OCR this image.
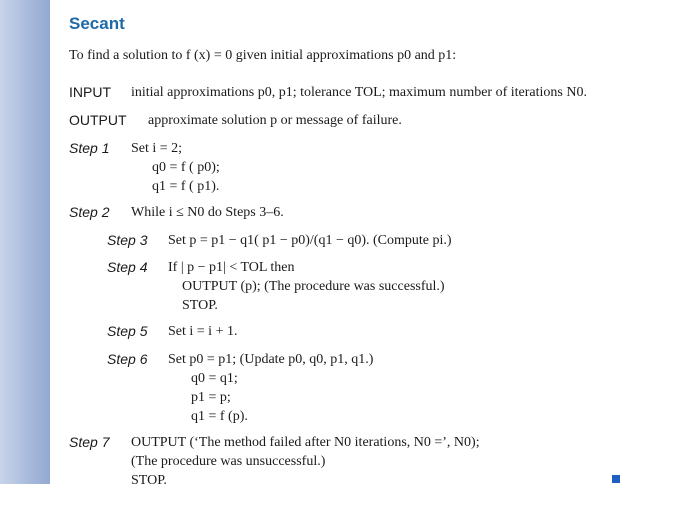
Secant
To find a solution to f (x) = 0 given initial approximations p0 and p1:
INPUT initial approximations p0, p1; tolerance TOL; maximum number of iterations N0.
OUTPUT approximate solution p or message of failure.
Step 1 Set i = 2;
q0 = f ( p0);
q1 = f ( p1).
Step 2 While i ≤ N0 do Steps 3–6.
Step 3 Set p = p1 − q1( p1 − p0)/(q1 − q0). (Compute pi.)
Step 4 If | p − p1| < TOL then
OUTPUT (p); (The procedure was successful.)
STOP.
Step 5 Set i = i + 1.
Step 6 Set p0 = p1; (Update p0, q0, p1, q1.)
q0 = q1;
p1 = p;
q1 = f (p).
Step 7 OUTPUT (‘The method failed after N0 iterations, N0 =’, N0);
(The procedure was unsuccessful.)
STOP.
